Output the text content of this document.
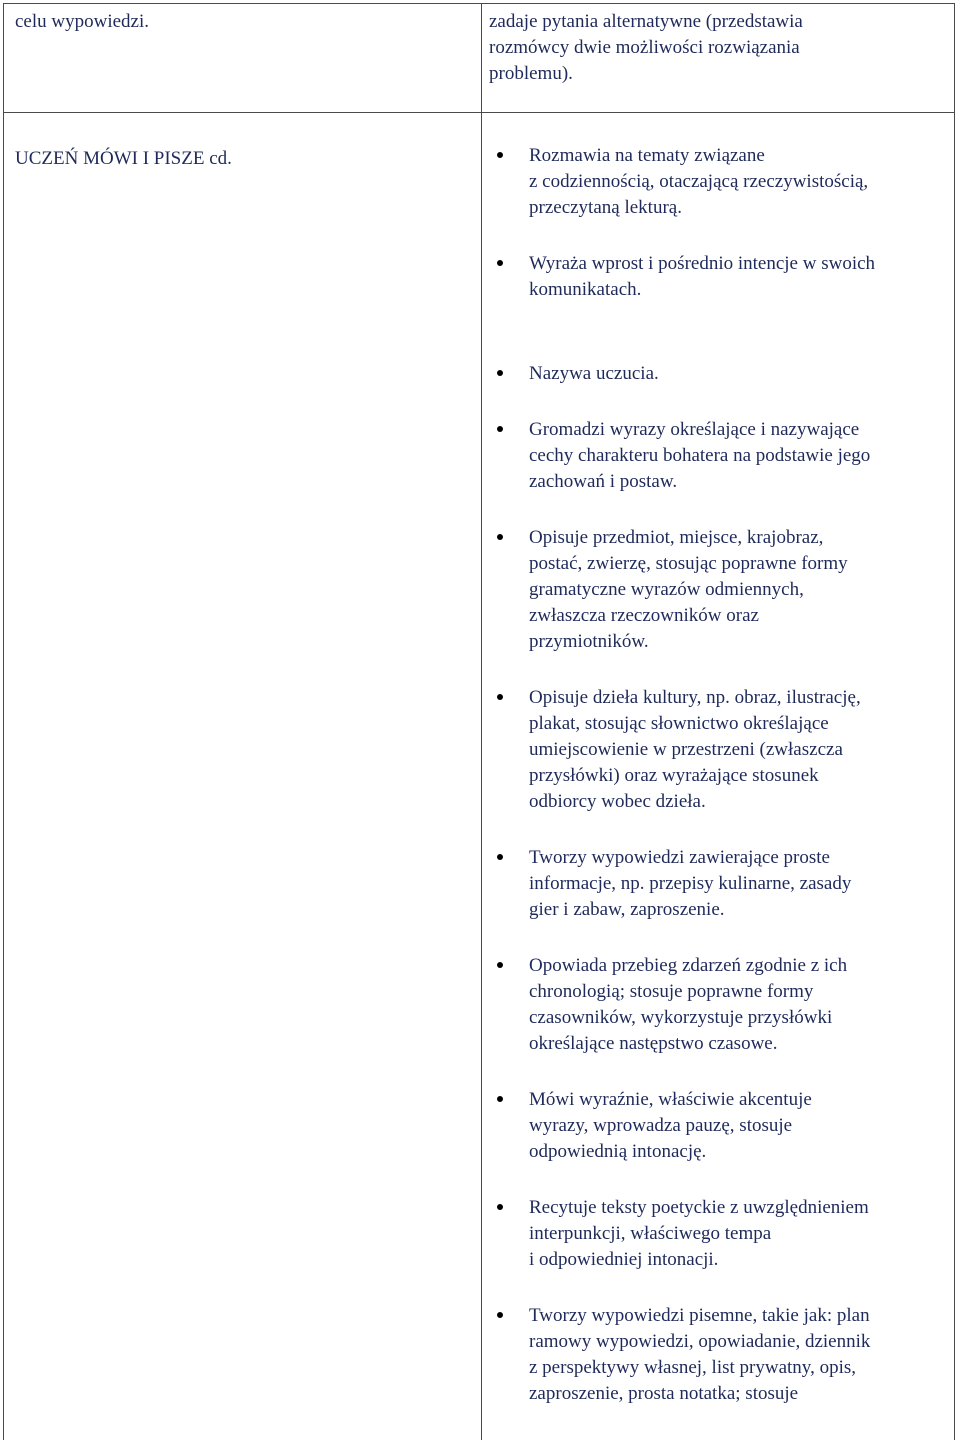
celu wypowiedzi.	zadaje pytania alternatywne (przedstawia
rozmówcy dwie możliwości rozwiązania
problemu).
UCZEŃ MÓWI I PISZE cd.	Rozmawia na tematy związane
z codziennością, otaczającą rzeczywistością,
przeczytaną lekturą.
Wyraża wprost i pośrednio intencje w swoich
komunikatach.
Nazywa uczucia.
Gromadzi wyrazy określające i nazywające
cechy charakteru bohatera na podstawie jego
zachowań i postaw.
Opisuje przedmiot, miejsce, krajobraz,
postać, zwierzę, stosując poprawne formy
gramatyczne wyrazów odmiennych,
zwłaszcza rzeczowników oraz
przymiotników.
Opisuje dzieła kultury, np. obraz, ilustrację,
plakat, stosując słownictwo określające
umiejscowienie w przestrzeni (zwłaszcza
przysłówki) oraz wyrażające stosunek
odbiorcy wobec dzieła.
Tworzy wypowiedzi zawierające proste
informacje, np. przepisy kulinarne, zasady
gier i zabaw, zaproszenie.
Opowiada przebieg zdarzeń zgodnie z ich
chronologią; stosuje poprawne formy
czasowników, wykorzystuje przysłówki
określające następstwo czasowe.
Mówi wyraźnie, właściwie akcentuje
wyrazy, wprowadza pauzę, stosuje
odpowiednią intonację.
Recytuje teksty poetyckie z uwzględnieniem
interpunkcji, właściwego tempa
i odpowiedniej intonacji.
Tworzy wypowiedzi pisemne, takie jak: plan
ramowy wypowiedzi, opowiadanie, dziennik
z perspektywy własnej, list prywatny, opis,
zaproszenie, prosta notatka; stosuje
